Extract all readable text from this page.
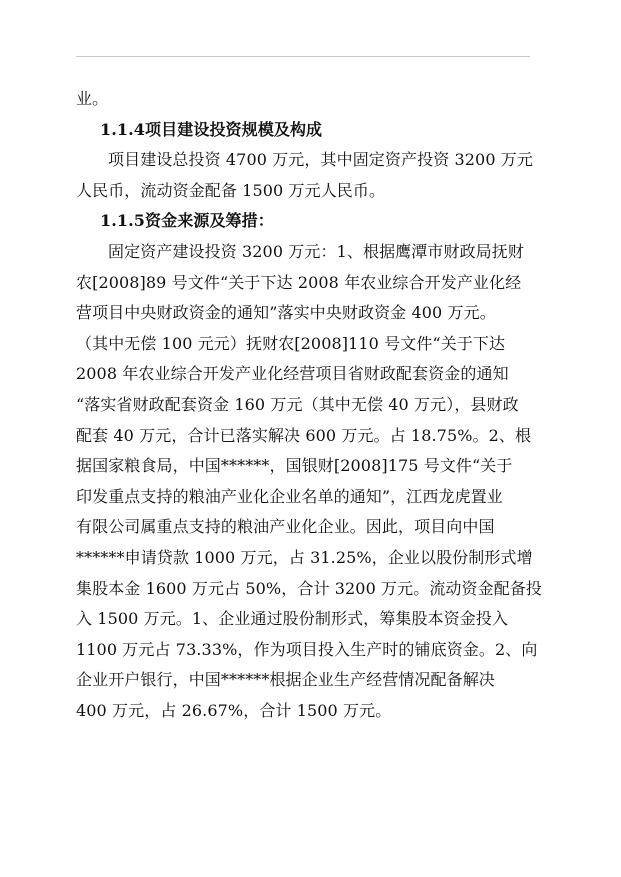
业。
1.1.4项目建设投资规模及构成
项目建设总投资 4700 万元，其中固定资产投资 3200 万元
人民币，流动资金配备 1500 万元人民币。
1.1.5资金来源及筹措：
固定资产建设投资 3200 万元：1、根据鹰潭市财政局抚财
农[2008]89 号文件“关于下达 2008 年农业综合开发产业化经
营项目中央财政资金的通知”落实中央财政资金 400 万元。
（其中无偿 100 元元）抚财农[2008]110 号文件“关于下达
2008 年农业综合开发产业化经营项目省财政配套资金的通知
“落实省财政配套资金 160 万元（其中无偿 40 万元），县财政
配套 40 万元，合计已落实解决 600 万元。占 18.75%。2、根
据国家粮食局，中国******，国银财[2008]175 号文件“关于
印发重点支持的粮油产业化企业名单的通知”，江西龙虎置业
有限公司属重点支持的粮油产业化企业。因此，项目向中国
******申请贷款 1000 万元，占 31.25%，企业以股份制形式增
集股本金 1600 万元占 50%，合计 3200 万元。流动资金配备投
入 1500 万元。1、企业通过股份制形式，筹集股本资金投入
1100 万元占 73.33%，作为项目投入生产时的铺底资金。2、向
企业开户银行，中国******根据企业生产经营情况配备解决
400 万元，占 26.67%，合计 1500 万元。
